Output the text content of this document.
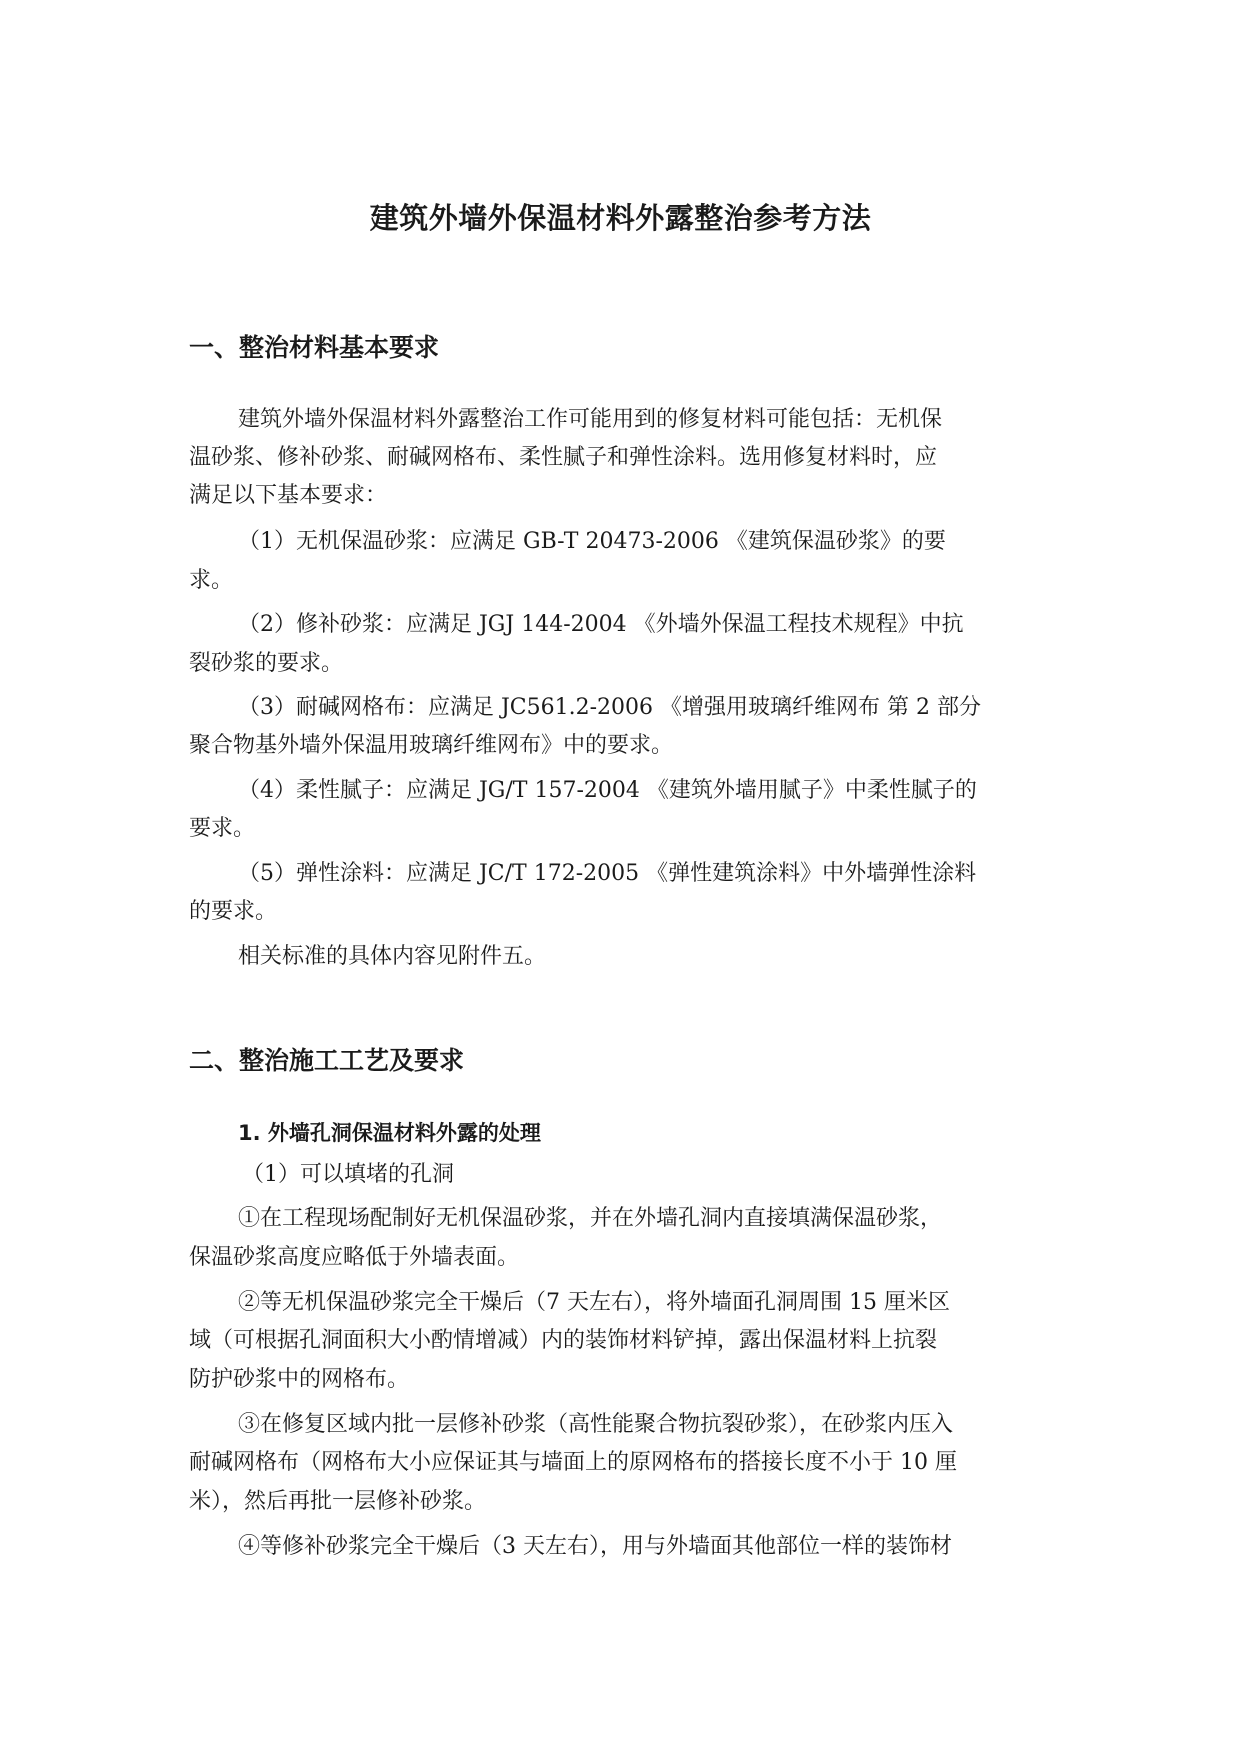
建筑外墙外保温材料外露整治参考方法
一、整治材料基本要求
建筑外墙外保温材料外露整治工作可能用到的修复材料可能包括：无机保
温砂浆、修补砂浆、耐碱网格布、柔性腻子和弹性涂料。选用修复材料时，应
满足以下基本要求：
（1）无机保温砂浆：应满足 GB-T 20473-2006 《建筑保温砂浆》的要
求。
（2）修补砂浆：应满足 JGJ 144-2004 《外墙外保温工程技术规程》中抗
裂砂浆的要求。
（3）耐碱网格布：应满足 JC561.2-2006 《增强用玻璃纤维网布 第 2 部分
聚合物基外墙外保温用玻璃纤维网布》中的要求。
（4）柔性腻子：应满足 JG/T 157-2004 《建筑外墙用腻子》中柔性腻子的
要求。
（5）弹性涂料：应满足 JC/T 172-2005 《弹性建筑涂料》中外墙弹性涂料
的要求。
相关标准的具体内容见附件五。
二、整治施工工艺及要求
1. 外墙孔洞保温材料外露的处理
（1）可以填堵的孔洞
①在工程现场配制好无机保温砂浆，并在外墙孔洞内直接填满保温砂浆，
保温砂浆高度应略低于外墙表面。
②等无机保温砂浆完全干燥后（7 天左右），将外墙面孔洞周围 15 厘米区
域（可根据孔洞面积大小酌情增减）内的装饰材料铲掉，露出保温材料上抗裂
防护砂浆中的网格布。
③在修复区域内批一层修补砂浆（高性能聚合物抗裂砂浆），在砂浆内压入
耐碱网格布（网格布大小应保证其与墙面上的原网格布的搭接长度不小于 10 厘
米），然后再批一层修补砂浆。
④等修补砂浆完全干燥后（3 天左右），用与外墙面其他部位一样的装饰材
